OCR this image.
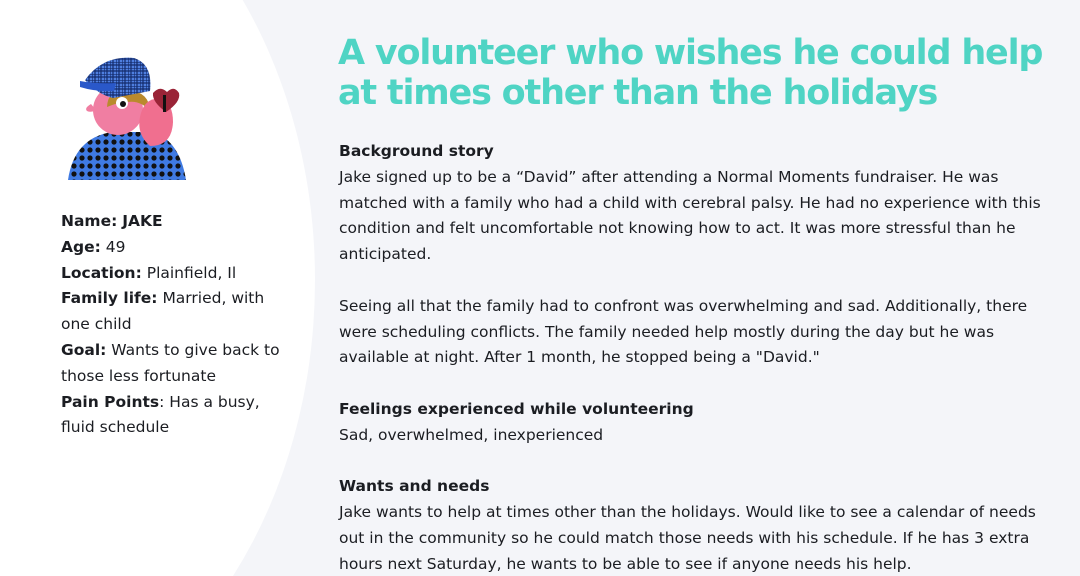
Name: JAKE
Age: 49
Location: Plainfield, Il
Family life: Married, with one child
Goal: Wants to give back to those less fortunate
Pain Points: Has a busy, fluid schedule
A volunteer who wishes he could help at times other than the holidays
Background story

Jake signed up to be a “David” after attending a Normal Moments fundraiser. He was matched with a family who had a child with cerebral palsy. He had no experience with this condition and felt uncomfortable not knowing how to act. It was more stressful than he anticipated.

Seeing all that the family had to confront was overwhelming and sad. Additionally, there were scheduling conflicts. The family needed help mostly during the day but he was available at night. After 1 month, he stopped being a "David."

Feelings experienced while volunteering

Sad, overwhelmed, inexperienced

Wants and needs

Jake wants to help at times other than the holidays. Would like to see a calendar of needs out in the community so he could match those needs with his schedule. If he has 3 extra hours next Saturday, he wants to be able to see if anyone needs his help.
